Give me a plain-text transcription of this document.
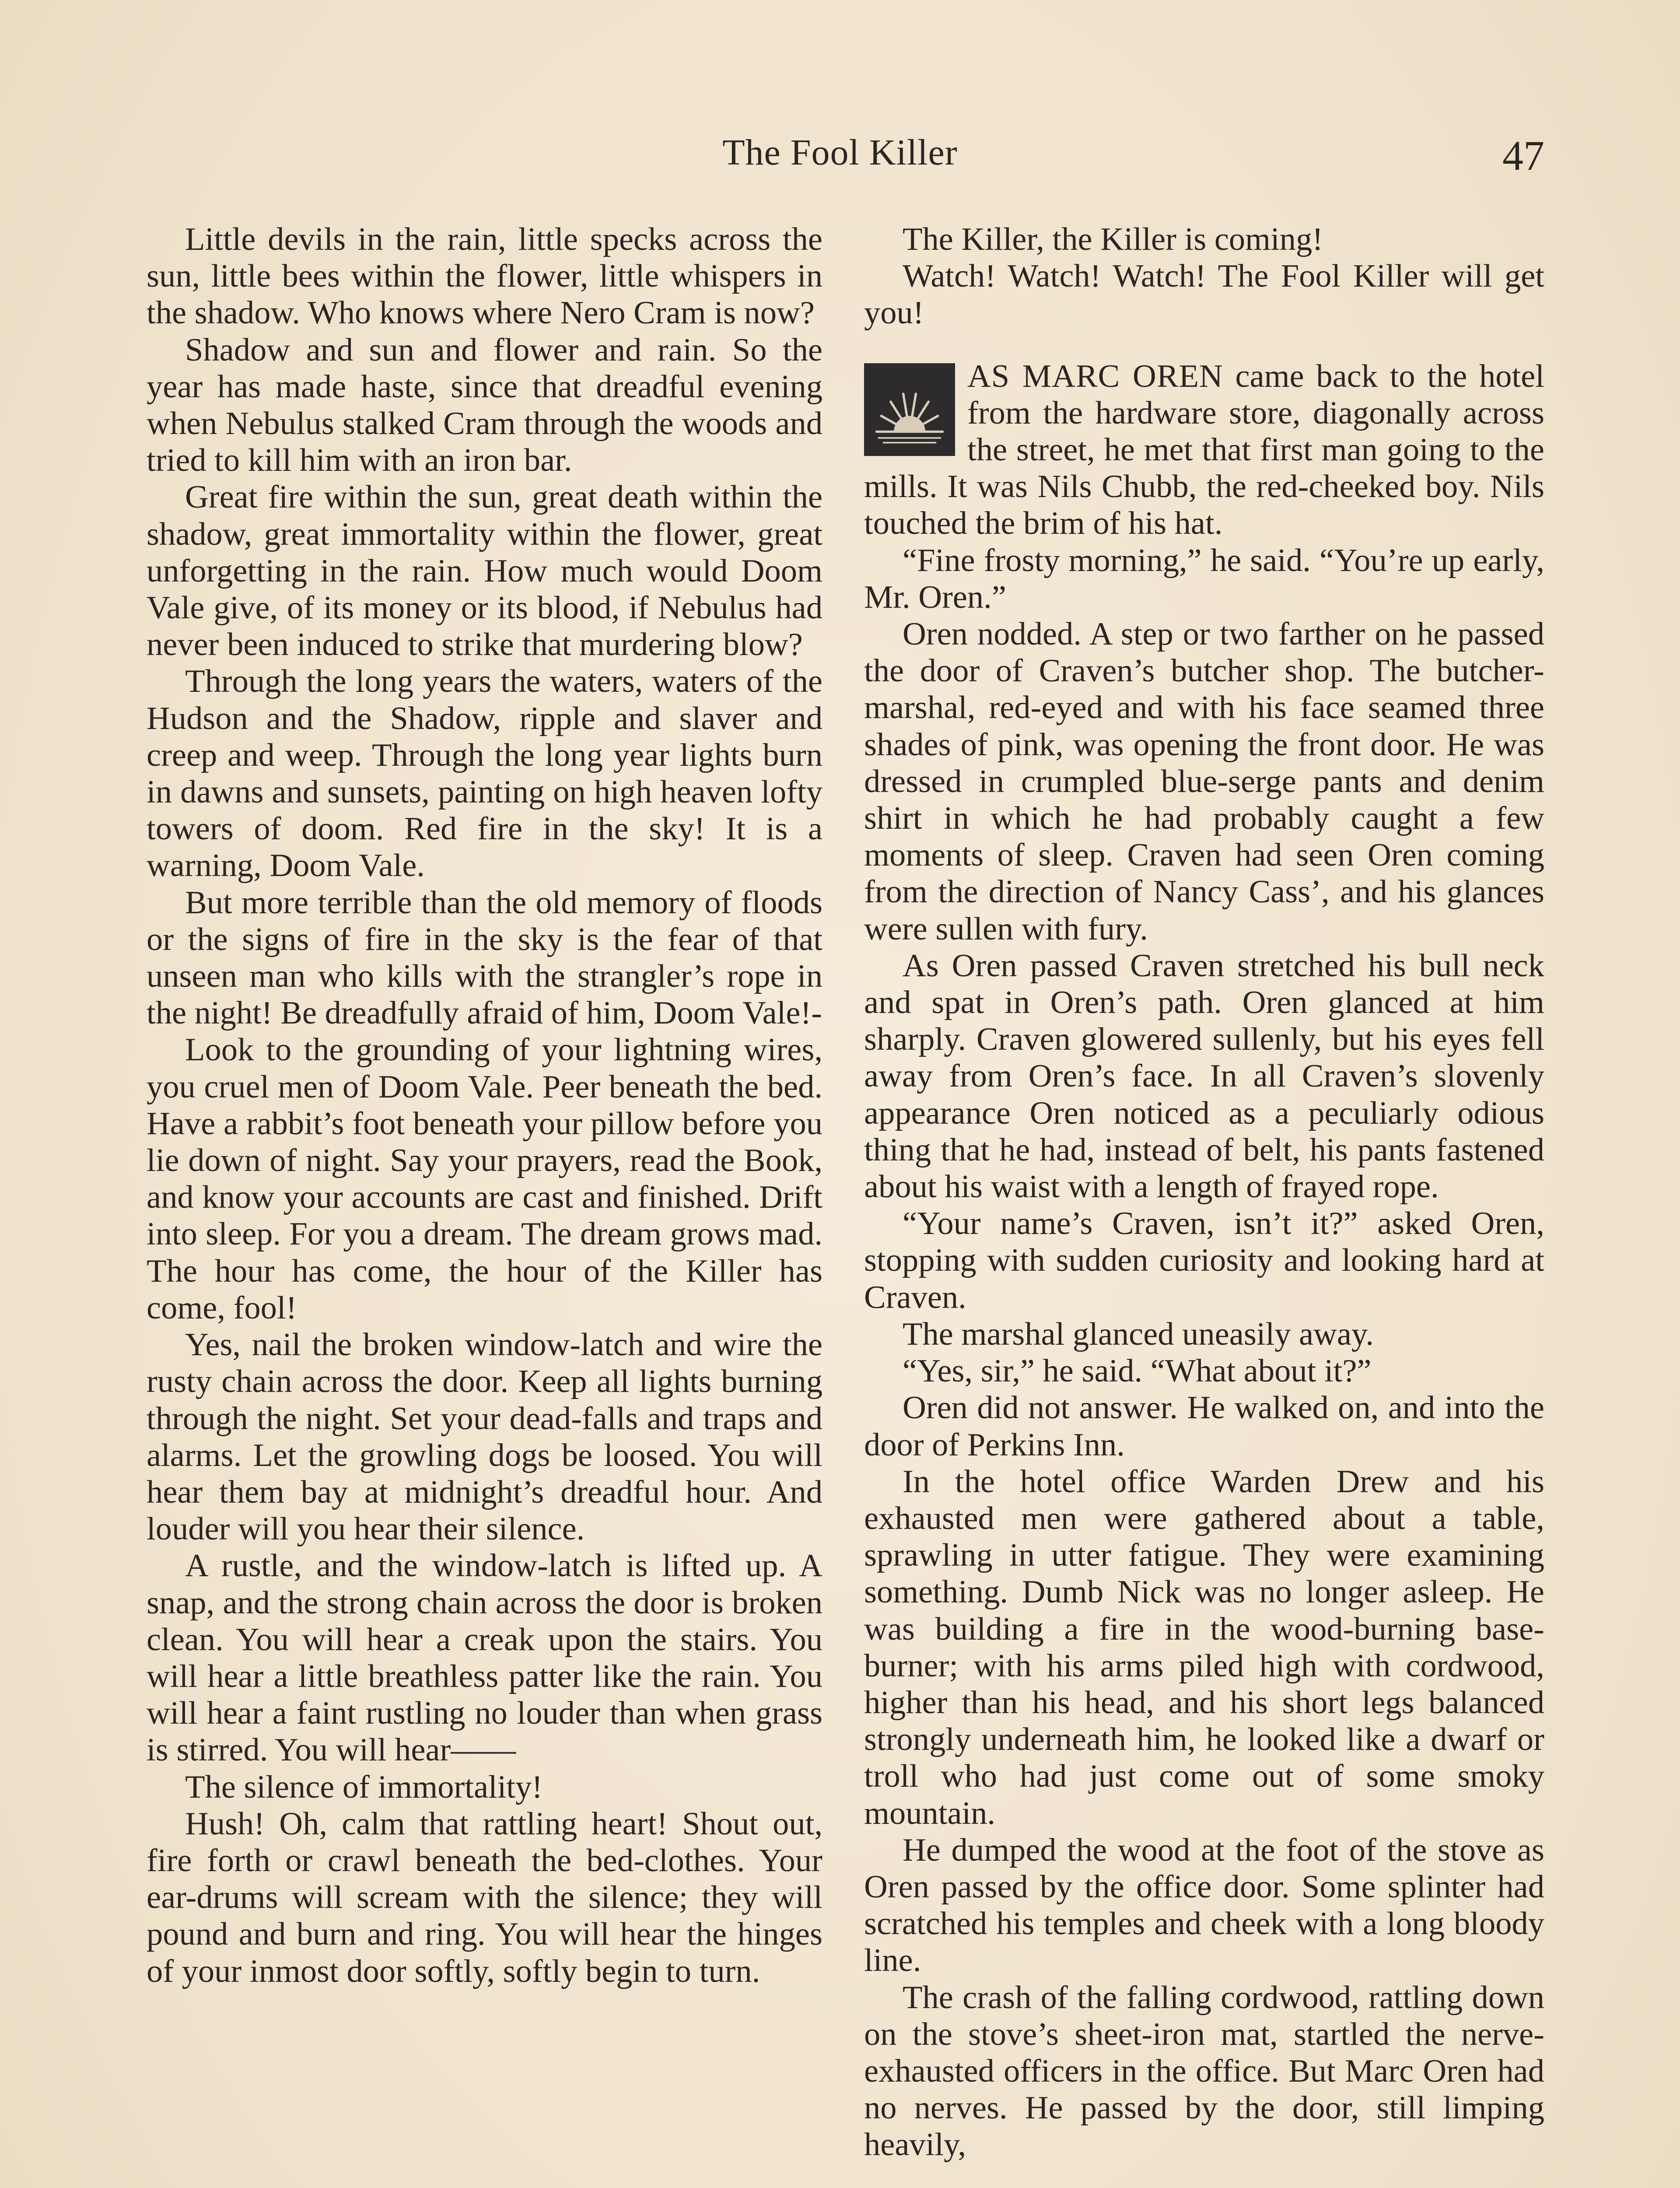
The Fool Killer	47

Little devils in the rain, little specks across the sun, little bees within the flower, little whispers in the shadow. Who knows where Nero Cram is now?

Shadow and sun and flower and rain. So the year has made haste, since that dreadful evening when Nebulus stalked Cram through the woods and tried to kill him with an iron bar.

Great fire within the sun, great death within the shadow, great immortality within the flower, great unforgetting in the rain. How much would Doom Vale give, of its money or its blood, if Nebulus had never been induced to strike that murdering blow?

Through the long years the waters, waters of the Hudson and the Shadow, ripple and slaver and creep and weep. Through the long year lights burn in dawns and sunsets, painting on high heaven lofty towers of doom. Red fire in the sky! It is a warning, Doom Vale.

But more terrible than the old memory of floods or the signs of fire in the sky is the fear of that unseen man who kills with the strangler’s rope in the night! Be dreadfully afraid of him, Doom Vale!-

Look to the grounding of your lightning wires, you cruel men of Doom Vale. Peer beneath the bed. Have a rabbit’s foot beneath your pillow before you lie down of night. Say your prayers, read the Book, and know your accounts are cast and finished. Drift into sleep. For you a dream. The dream grows mad. The hour has come, the hour of the Killer has come, fool!

Yes, nail the broken window-latch and wire the rusty chain across the door. Keep all lights burning through the night. Set your dead-falls and traps and alarms. Let the growling dogs be loosed. You will hear them bay at midnight’s dreadful hour. And louder will you hear their silence.

A rustle, and the window-latch is lifted up. A snap, and the strong chain across the door is broken clean. You will hear a creak upon the stairs. You will hear a little breathless patter like the rain. You will hear a faint rustling no louder than when grass is stirred. You will hear——

The silence of immortality!

Hush! Oh, calm that rattling heart! Shout out, fire forth or crawl beneath the bed-clothes. Your ear-drums will scream with the silence; they will pound and burn and ring. You will hear the hinges of your inmost door softly, softly begin to turn.

The Killer, the Killer is coming!

Watch! Watch! Watch! The Fool Killer will get you!

AS MARC OREN came back to the hotel from the hardware store, diagonally across the street, he met that first man going to the mills. It was Nils Chubb, the red-cheeked boy. Nils touched the brim of his hat.

“Fine frosty morning,” he said. “You’re up early, Mr. Oren.”

Oren nodded. A step or two farther on he passed the door of Craven’s butcher shop. The butcher-marshal, red-eyed and with his face seamed three shades of pink, was opening the front door. He was dressed in crumpled blue-serge pants and denim shirt in which he had probably caught a few moments of sleep. Craven had seen Oren coming from the direction of Nancy Cass’, and his glances were sullen with fury.

As Oren passed Craven stretched his bull neck and spat in Oren’s path. Oren glanced at him sharply. Craven glowered sullenly, but his eyes fell away from Oren’s face. In all Craven’s slovenly appearance Oren noticed as a peculiarly odious thing that he had, instead of belt, his pants fastened about his waist with a length of frayed rope.

“Your name’s Craven, isn’t it?” asked Oren, stopping with sudden curiosity and looking hard at Craven.

The marshal glanced uneasily away.

“Yes, sir,” he said. “What about it?”

Oren did not answer. He walked on, and into the door of Perkins Inn.

In the hotel office Warden Drew and his exhausted men were gathered about a table, sprawling in utter fatigue. They were examining something. Dumb Nick was no longer asleep. He was building a fire in the wood-burning base-burner; with his arms piled high with cordwood, higher than his head, and his short legs balanced strongly underneath him, he looked like a dwarf or troll who had just come out of some smoky mountain.

He dumped the wood at the foot of the stove as Oren passed by the office door. Some splinter had scratched his temples and cheek with a long bloody line.

The crash of the falling cordwood, rattling down on the stove’s sheet-iron mat, startled the nerve-exhausted officers in the office. But Marc Oren had no nerves. He passed by the door, still limping heavily,
